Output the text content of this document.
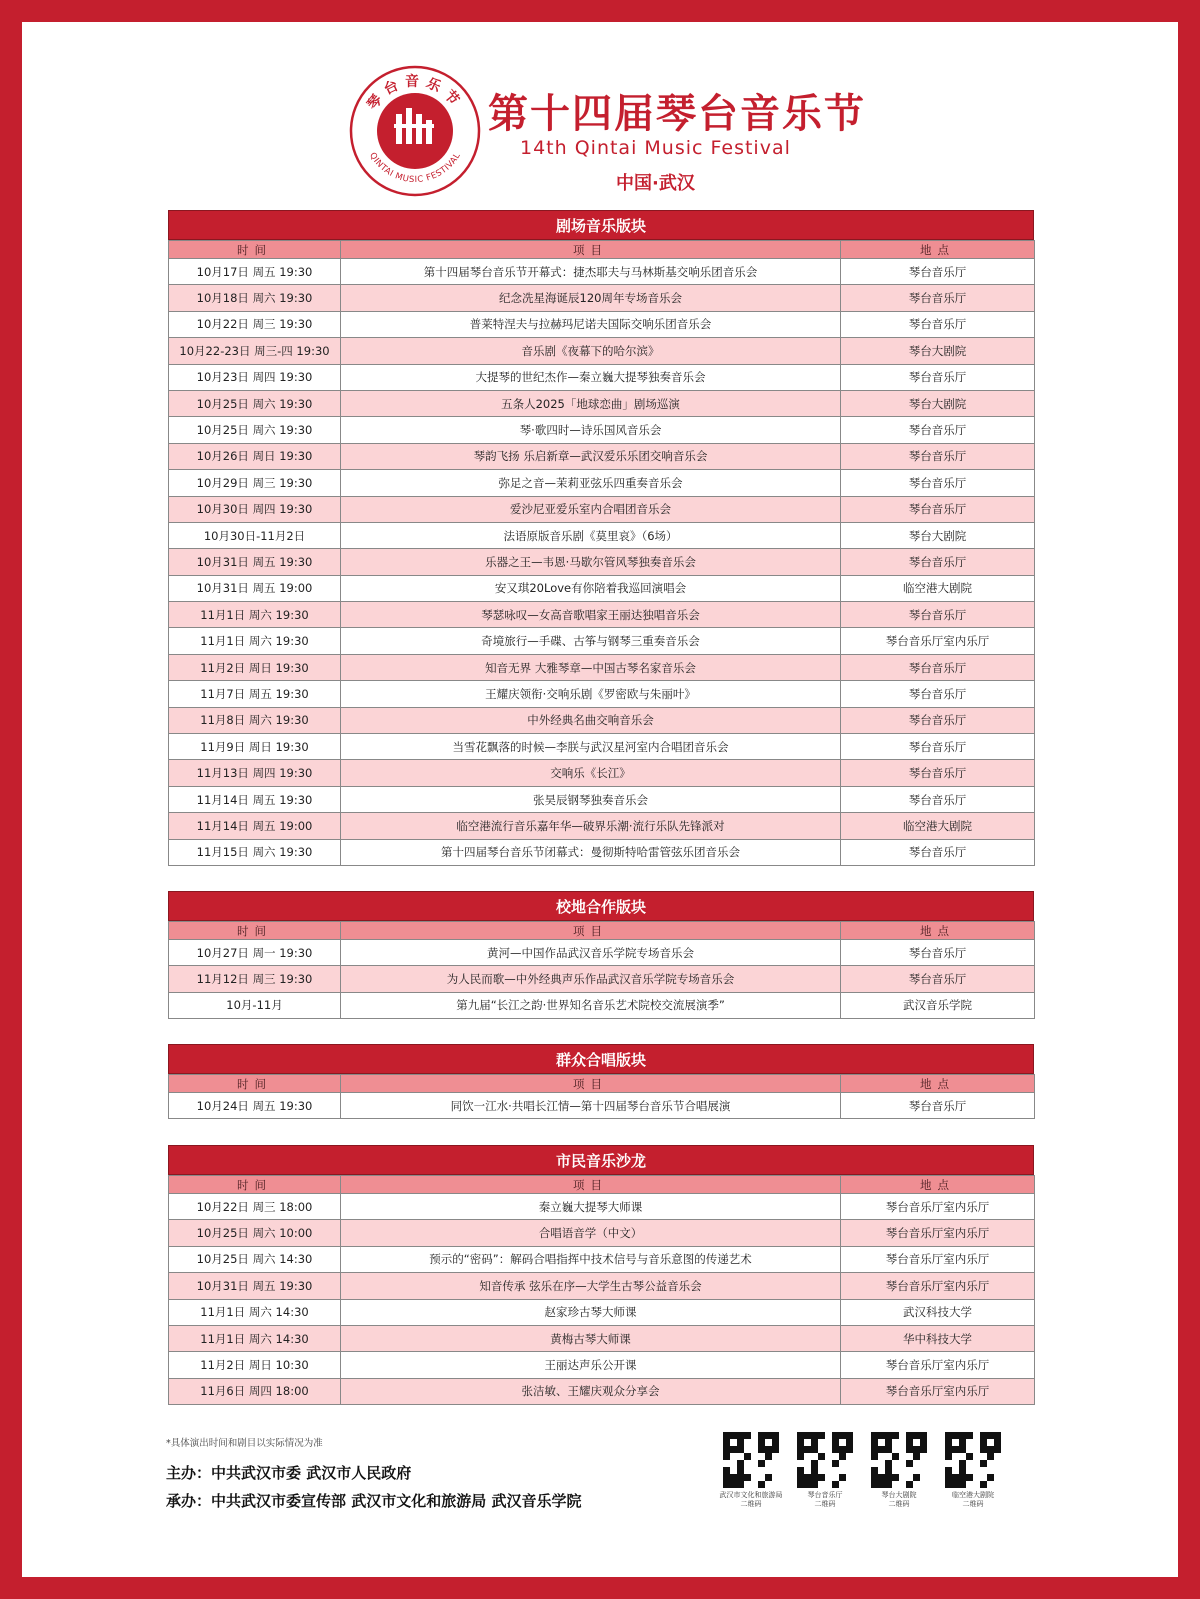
琴台音乐节
QINTAI MUSIC FESTIVAL
第十四届琴台音乐节
14th Qintai Music Festival
中国·武汉
剧场音乐版块
时间	项目	地点
10月17日 周五 19:30	第十四届琴台音乐节开幕式：捷杰耶夫与马林斯基交响乐团音乐会	琴台音乐厅
10月18日 周六 19:30	纪念冼星海诞辰120周年专场音乐会	琴台音乐厅
10月22日 周三 19:30	普莱特涅夫与拉赫玛尼诺夫国际交响乐团音乐会	琴台音乐厅
10月22-23日 周三-四 19:30	音乐剧《夜幕下的哈尔滨》	琴台大剧院
10月23日 周四 19:30	大提琴的世纪杰作—秦立巍大提琴独奏音乐会	琴台音乐厅
10月25日 周六 19:30	五条人2025「地球恋曲」剧场巡演	琴台大剧院
10月25日 周六 19:30	琴·歌四时—诗乐国风音乐会	琴台音乐厅
10月26日 周日 19:30	琴韵飞扬 乐启新章—武汉爱乐乐团交响音乐会	琴台音乐厅
10月29日 周三 19:30	弥足之音—茉莉亚弦乐四重奏音乐会	琴台音乐厅
10月30日 周四 19:30	爱沙尼亚爱乐室内合唱团音乐会	琴台音乐厅
10月30日-11月2日	法语原版音乐剧《莫里哀》（6场）	琴台大剧院
10月31日 周五 19:30	乐器之王—韦恩·马歇尔管风琴独奏音乐会	琴台音乐厅
10月31日 周五 19:00	安又琪20Love有你陪着我巡回演唱会	临空港大剧院
11月1日 周六 19:30	琴瑟咏叹—女高音歌唱家王丽达独唱音乐会	琴台音乐厅
11月1日 周六 19:30	奇境旅行—手碟、古筝与钢琴三重奏音乐会	琴台音乐厅室内乐厅
11月2日 周日 19:30	知音无界 大雅琴章—中国古琴名家音乐会	琴台音乐厅
11月7日 周五 19:30	王耀庆领衔·交响乐剧《罗密欧与朱丽叶》	琴台音乐厅
11月8日 周六 19:30	中外经典名曲交响音乐会	琴台音乐厅
11月9日 周日 19:30	当雪花飘落的时候—李朕与武汉星河室内合唱团音乐会	琴台音乐厅
11月13日 周四 19:30	交响乐《长江》	琴台音乐厅
11月14日 周五 19:30	张昊辰钢琴独奏音乐会	琴台音乐厅
11月14日 周五 19:00	临空港流行音乐嘉年华—破界乐潮·流行乐队先锋派对	临空港大剧院
11月15日 周六 19:30	第十四届琴台音乐节闭幕式：曼彻斯特哈雷管弦乐团音乐会	琴台音乐厅
校地合作版块
时间	项目	地点
10月27日 周一 19:30	黄河—中国作品武汉音乐学院专场音乐会	琴台音乐厅
11月12日 周三 19:30	为人民而歌—中外经典声乐作品武汉音乐学院专场音乐会	琴台音乐厅
10月-11月	第九届“长江之韵·世界知名音乐艺术院校交流展演季”	武汉音乐学院
群众合唱版块
时间	项目	地点
10月24日 周五 19:30	同饮一江水·共唱长江情—第十四届琴台音乐节合唱展演	琴台音乐厅
市民音乐沙龙
时间	项目	地点
10月22日 周三 18:00	秦立巍大提琴大师课	琴台音乐厅室内乐厅
10月25日 周六 10:00	合唱语音学（中文）	琴台音乐厅室内乐厅
10月25日 周六 14:30	预示的“密码”：解码合唱指挥中技术信号与音乐意图的传递艺术	琴台音乐厅室内乐厅
10月31日 周五 19:30	知音传承 弦乐在序—大学生古琴公益音乐会	琴台音乐厅室内乐厅
11月1日 周六 14:30	赵家珍古琴大师课	武汉科技大学
11月1日 周六 14:30	黄梅古琴大师课	华中科技大学
11月2日 周日 10:30	王丽达声乐公开课	琴台音乐厅室内乐厅
11月6日 周四 18:00	张洁敏、王耀庆观众分享会	琴台音乐厅室内乐厅
*具体演出时间和剧目以实际情况为准
主办：中共武汉市委 武汉市人民政府
承办：中共武汉市委宣传部 武汉市文化和旅游局 武汉音乐学院	武汉市文化和旅游局
二维码
琴台音乐厅
二维码
琴台大剧院
二维码
临空港大剧院
二维码
